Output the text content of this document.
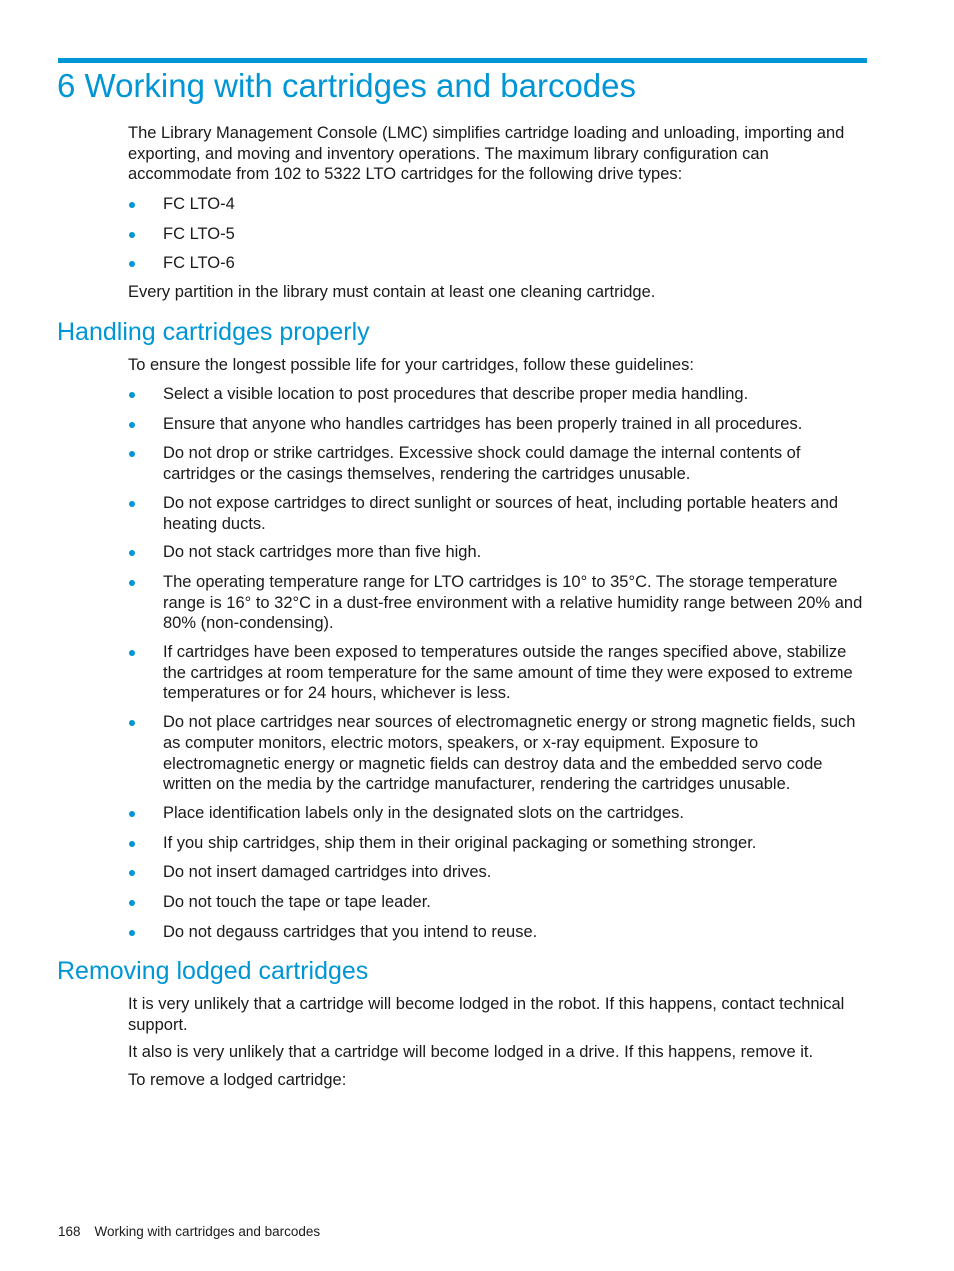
6 Working with cartridges and barcodes

The Library Management Console (LMC) simplifies cartridge loading and unloading, importing and exporting, and moving and inventory operations. The maximum library configuration can accommodate from 102 to 5322 LTO cartridges for the following drive types:

FC LTO-4
FC LTO-5
FC LTO-6

Every partition in the library must contain at least one cleaning cartridge.

Handling cartridges properly

To ensure the longest possible life for your cartridges, follow these guidelines:

Select a visible location to post procedures that describe proper media handling.
Ensure that anyone who handles cartridges has been properly trained in all procedures.
Do not drop or strike cartridges. Excessive shock could damage the internal contents of cartridges or the casings themselves, rendering the cartridges unusable.
Do not expose cartridges to direct sunlight or sources of heat, including portable heaters and heating ducts.
Do not stack cartridges more than five high.
The operating temperature range for LTO cartridges is 10° to 35°C. The storage temperature range is 16° to 32°C in a dust-free environment with a relative humidity range between 20% and 80% (non-condensing).
If cartridges have been exposed to temperatures outside the ranges specified above, stabilize the cartridges at room temperature for the same amount of time they were exposed to extreme temperatures or for 24 hours, whichever is less.
Do not place cartridges near sources of electromagnetic energy or strong magnetic fields, such as computer monitors, electric motors, speakers, or x-ray equipment. Exposure to electromagnetic energy or magnetic fields can destroy data and the embedded servo code written on the media by the cartridge manufacturer, rendering the cartridges unusable.
Place identification labels only in the designated slots on the cartridges.
If you ship cartridges, ship them in their original packaging or something stronger.
Do not insert damaged cartridges into drives.
Do not touch the tape or tape leader.
Do not degauss cartridges that you intend to reuse.
Removing lodged cartridges

It is very unlikely that a cartridge will become lodged in the robot. If this happens, contact technical support.

It also is very unlikely that a cartridge will become lodged in a drive. If this happens, remove it.

To remove a lodged cartridge:

168 Working with cartridges and barcodes
